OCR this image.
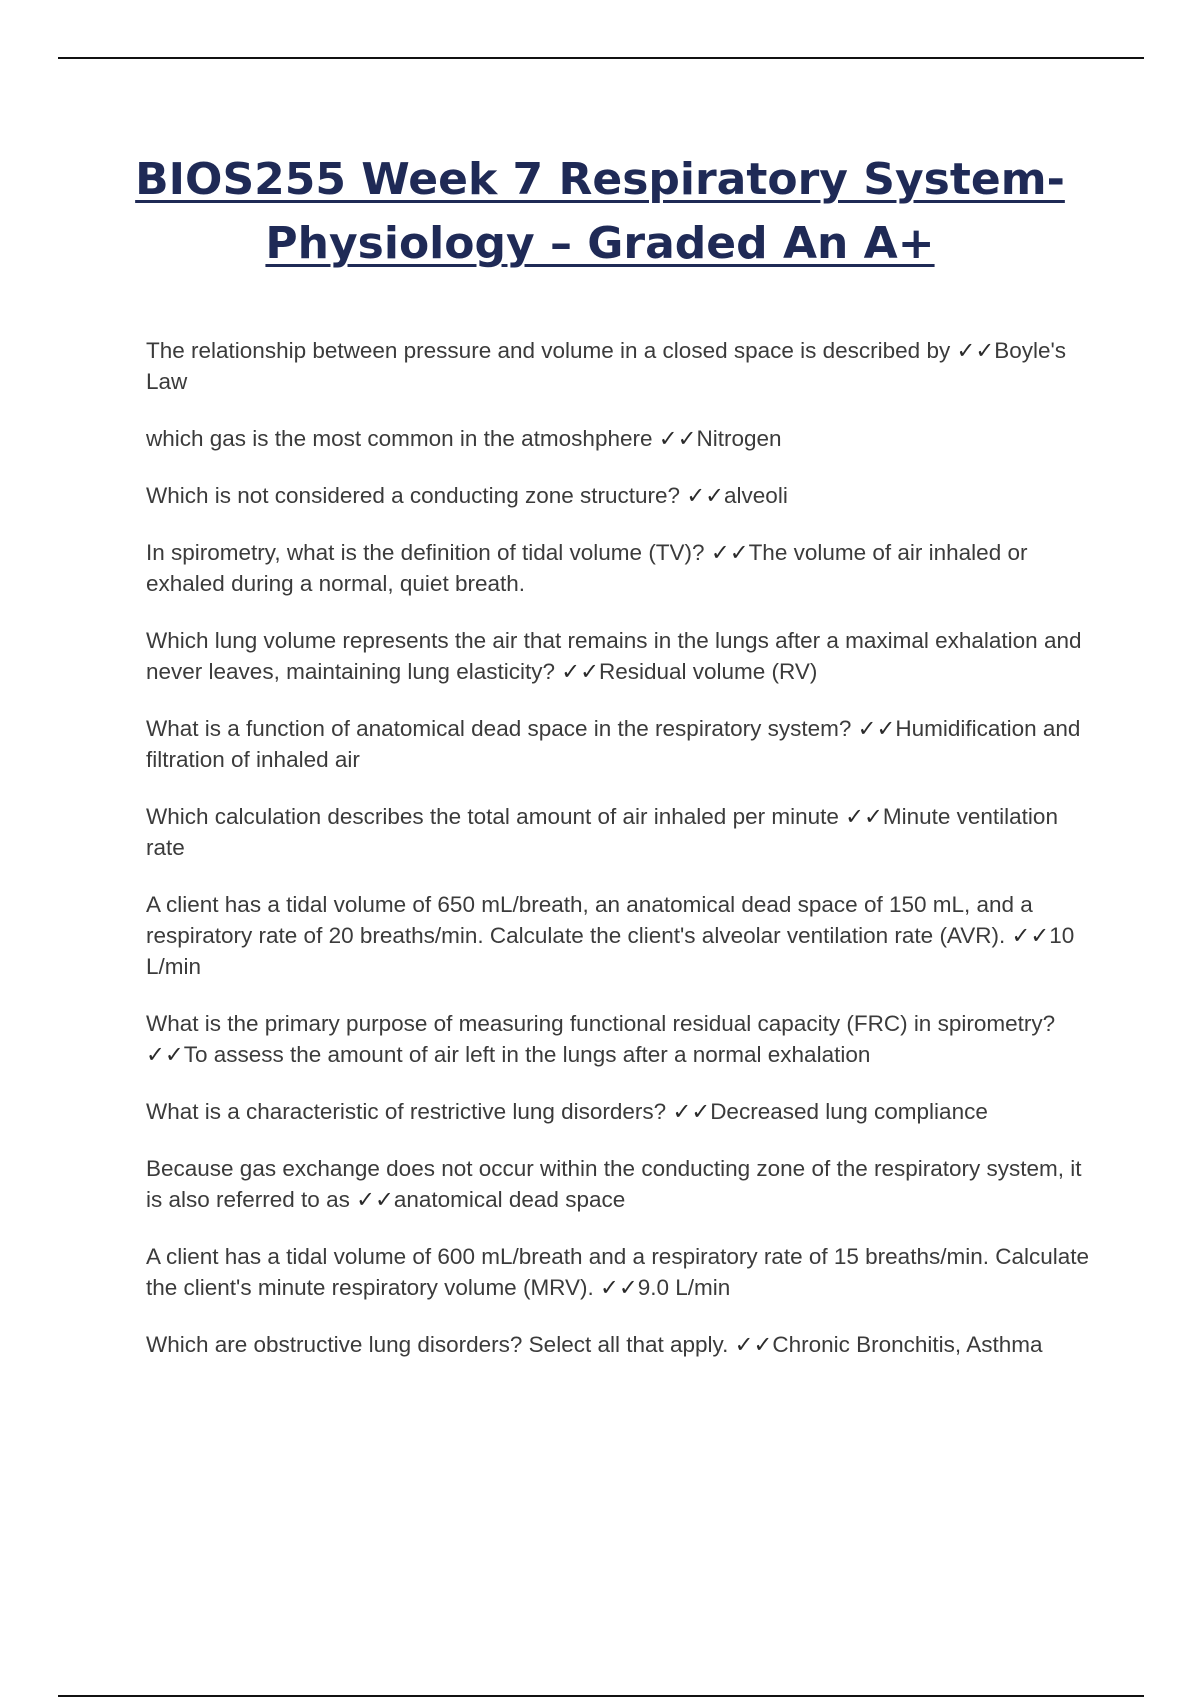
BIOS255 Week 7 Respiratory System-
Physiology – Graded An A+
The relationship between pressure and volume in a closed space is described by ✓✓Boyle's Law
which gas is the most common in the atmoshphere ✓✓Nitrogen
Which is not considered a conducting zone structure? ✓✓alveoli
In spirometry, what is the definition of tidal volume (TV)? ✓✓The volume of air inhaled or exhaled during a normal, quiet breath.
Which lung volume represents the air that remains in the lungs after a maximal exhalation and never leaves, maintaining lung elasticity? ✓✓Residual volume (RV)
What is a function of anatomical dead space in the respiratory system? ✓✓Humidification and filtration of inhaled air
Which calculation describes the total amount of air inhaled per minute ✓✓Minute ventilation rate
A client has a tidal volume of 650 mL/breath, an anatomical dead space of 150 mL, and a respiratory rate of 20 breaths/min. Calculate the client's alveolar ventilation rate (AVR). ✓✓10 L/min
What is the primary purpose of measuring functional residual capacity (FRC) in spirometry? ✓✓To assess the amount of air left in the lungs after a normal exhalation
What is a characteristic of restrictive lung disorders? ✓✓Decreased lung compliance
Because gas exchange does not occur within the conducting zone of the respiratory system, it is also referred to as ✓✓anatomical dead space
A client has a tidal volume of 600 mL/breath and a respiratory rate of 15 breaths/min. Calculate the client's minute respiratory volume (MRV). ✓✓9.0 L/min
Which are obstructive lung disorders? Select all that apply. ✓✓Chronic Bronchitis, Asthma
